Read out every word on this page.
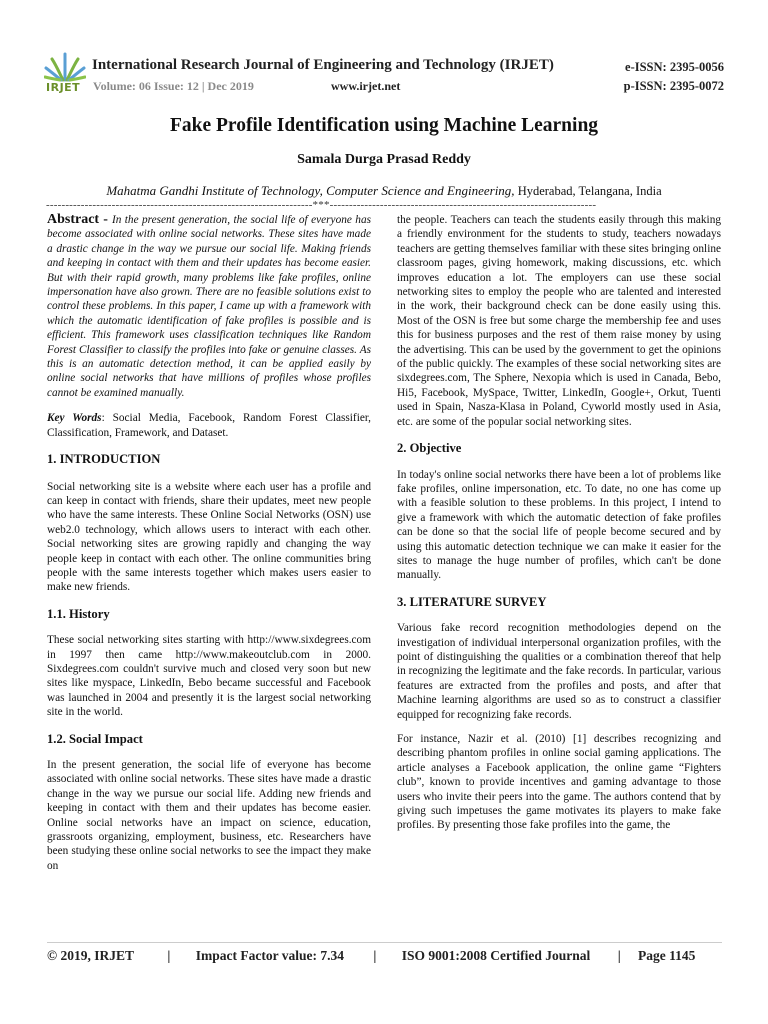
IRJET
International Research Journal of Engineering and Technology (IRJET)
Volume: 06 Issue: 12 | Dec 2019	www.irjet.net
e-ISSN: 2395-0056
p-ISSN: 2395-0072
Fake Profile Identification using Machine Learning
Samala Durga Prasad Reddy
Mahatma Gandhi Institute of Technology, Computer Science and Engineering, Hyderabad, Telangana, India
---------------------------------------------------------------------***---------------------------------------------------------------------

Abstract - In the present generation, the social life of everyone has become associated with online social networks. These sites have made a drastic change in the way we pursue our social life. Making friends and keeping in contact with them and their updates has become easier. But with their rapid growth, many problems like fake profiles, online impersonation have also grown. There are no feasible solutions exist to control these problems. In this paper, I came up with a framework with which the automatic identification of fake profiles is possible and is efficient. This framework uses classification techniques like Random Forest Classifier to classify the profiles into fake or genuine classes. As this is an automatic detection method, it can be applied easily by online social networks that have millions of profiles whose profiles cannot be examined manually.

Key Words: Social Media, Facebook, Random Forest Classifier, Classification, Framework, and Dataset.

1. INTRODUCTION

Social networking site is a website where each user has a profile and can keep in contact with friends, share their updates, meet new people who have the same interests. These Online Social Networks (OSN) use web2.0 technology, which allows users to interact with each other. Social networking sites are growing rapidly and changing the way people keep in contact with each other. The online communities bring people with the same interests together which makes users easier to make new friends.

1.1. History

These social networking sites starting with http://www.sixdegrees.com in 1997 then came http://www.makeoutclub.com in 2000. Sixdegrees.com couldn't survive much and closed very soon but new sites like myspace, LinkedIn, Bebo became successful and Facebook was launched in 2004 and presently it is the largest social networking site in the world.

1.2. Social Impact

In the present generation, the social life of everyone has become associated with online social networks. These sites have made a drastic change in the way we pursue our social life. Adding new friends and keeping in contact with them and their updates has become easier. Online social networks have an impact on science, education, grassroots organizing, employment, business, etc. Researchers have been studying these online social networks to see the impact they make on

the people. Teachers can teach the students easily through this making a friendly environment for the students to study, teachers nowadays teachers are getting themselves familiar with these sites bringing online classroom pages, giving homework, making discussions, etc. which improves education a lot. The employers can use these social networking sites to employ the people who are talented and interested in the work, their background check can be done easily using this. Most of the OSN is free but some charge the membership fee and uses this for business purposes and the rest of them raise money by using the advertising. This can be used by the government to get the opinions of the public quickly. The examples of these social networking sites are sixdegrees.com, The Sphere, Nexopia which is used in Canada, Bebo, Hi5, Facebook, MySpace, Twitter, LinkedIn, Google+, Orkut, Tuenti used in Spain, Nasza-Klasa in Poland, Cyworld mostly used in Asia, etc. are some of the popular social networking sites.

2. Objective

In today's online social networks there have been a lot of problems like fake profiles, online impersonation, etc. To date, no one has come up with a feasible solution to these problems. In this project, I intend to give a framework with which the automatic detection of fake profiles can be done so that the social life of people become secured and by using this automatic detection technique we can make it easier for the sites to manage the huge number of profiles, which can't be done manually.

3. LITERATURE SURVEY

Various fake record recognition methodologies depend on the investigation of individual interpersonal organization profiles, with the point of distinguishing the qualities or a combination thereof that help in recognizing the legitimate and the fake records. In particular, various features are extracted from the profiles and posts, and after that Machine learning algorithms are used so as to construct a classifier equipped for recognizing fake records.

For instance, Nazir et al. (2010) [1] describes recognizing and describing phantom profiles in online social gaming applications. The article analyses a Facebook application, the online game “Fighters club”, known to provide incentives and gaming advantage to those users who invite their peers into the game. The authors contend that by giving such impetuses the game motivates its players to make fake profiles. By presenting those fake profiles into the game, the

© 2019, IRJET | Impact Factor value: 7.34 | ISO 9001:2008 Certified Journal | Page 1145
